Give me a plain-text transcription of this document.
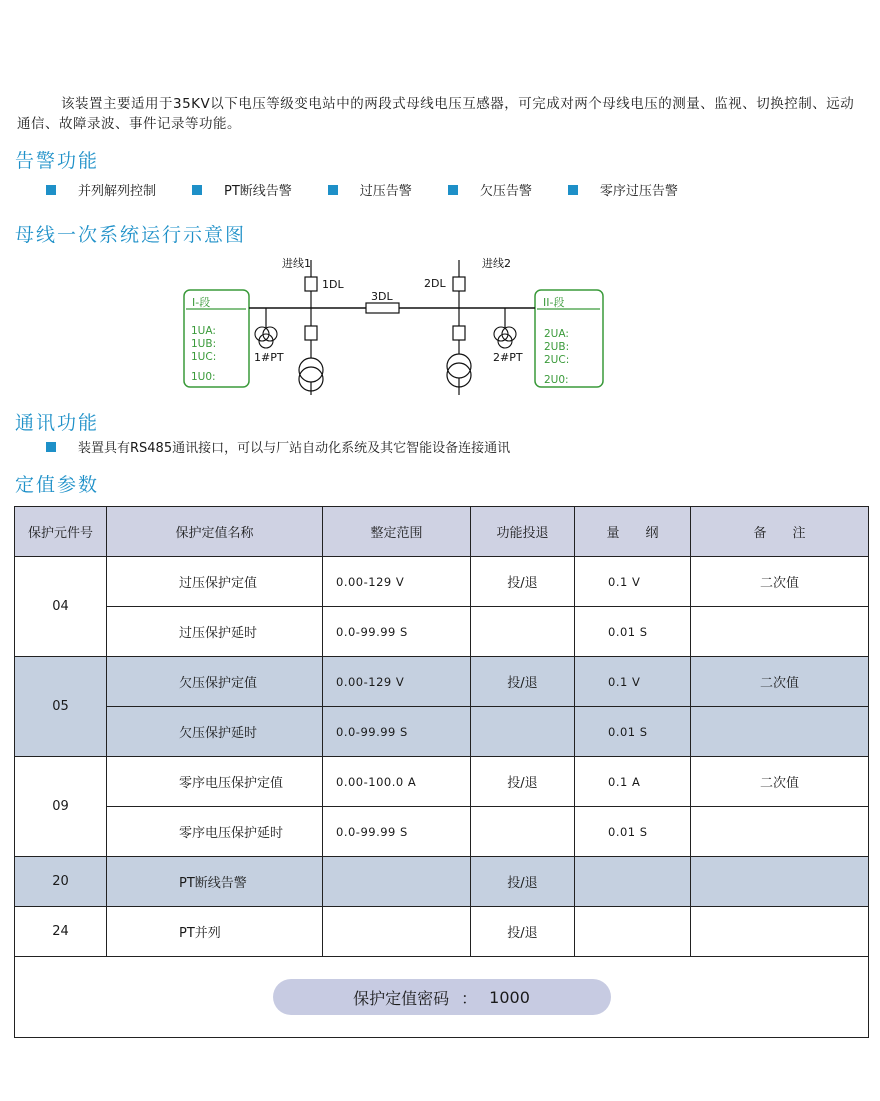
该装置主要适用于35KV以下电压等级变电站中的两段式母线电压互感器，可完成对两个母线电压的测量、监视、切换控制、远动通信、故障录波、事件记录等功能。
告警功能
并列解列控制	PT断线告警	过压告警	欠压告警	零序过压告警
母线一次系统运行示意图
I-段	II-段
1UA:
1UB:
1UC:
1U0:
2UA:
2UB:
2UC:
2U0:
3DL
进线1
1DL
1#PT
进线2
2DL
2#PT
通讯功能
装置具有RS485通讯接口，可以与厂站自动化系统及其它智能设备连接通讯
定值参数
保护元件号	保护定值名称	整定范围	功能投退	量　　纲	备　　注
04	过压保护定值	0.00-129 V	投/退	0.1 V	二次值
	过压保护延时	0.0-99.99 S		0.01 S	
05	欠压保护定值	0.00-129 V	投/退	0.1 V	二次值
	欠压保护延时	0.0-99.99 S		0.01 S	
09	零序电压保护定值	0.00-100.0 A	投/退	0.1 A	二次值
	零序电压保护延时	0.0-99.99 S		0.01 S	
20	PT断线告警		投/退		
24	PT并列		投/退		

保护定值密码 ： 1000					
